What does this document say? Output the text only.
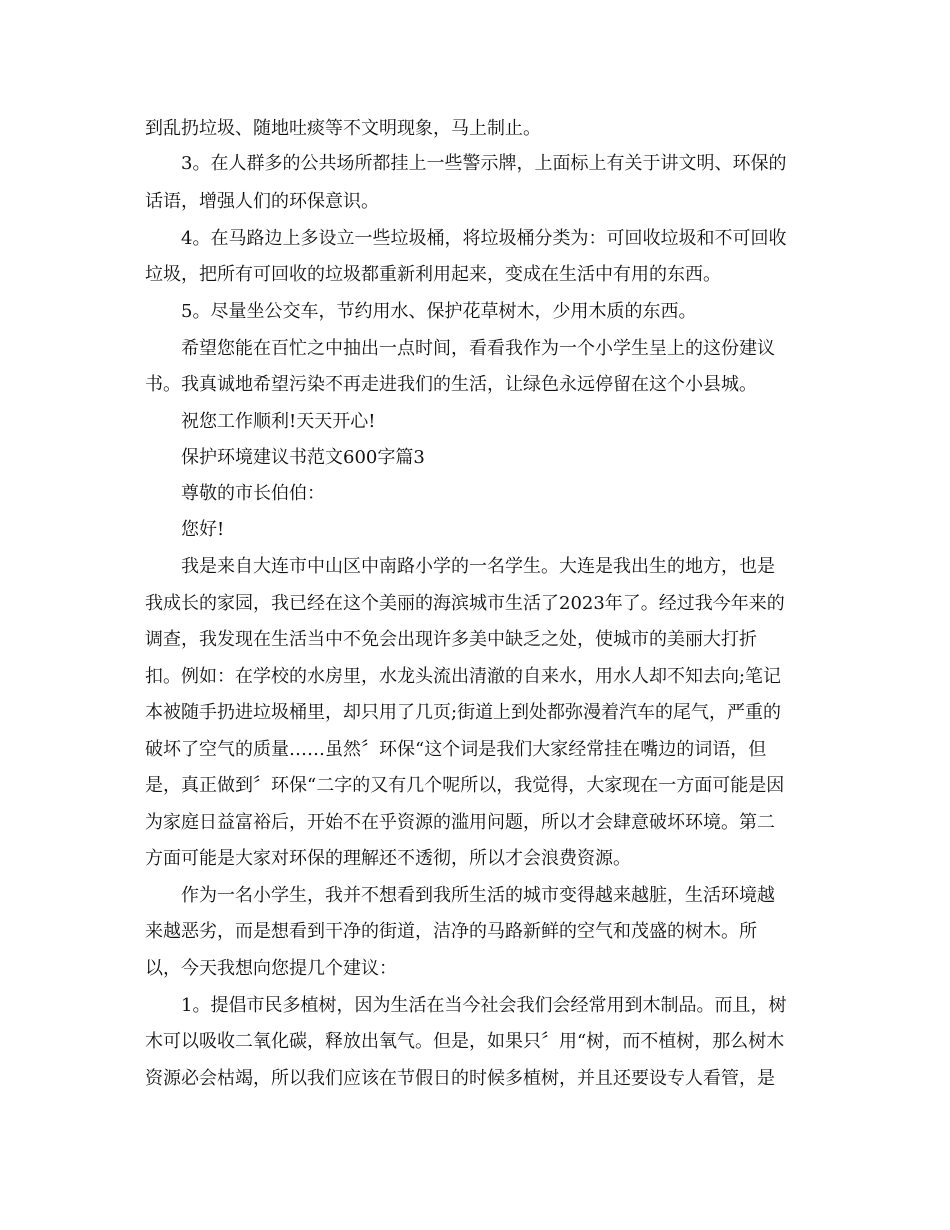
到乱扔垃圾、随地吐痰等不文明现象，马上制止。
3。在人群多的公共场所都挂上一些警示牌，上面标上有关于讲文明、环保的
话语，增强人们的环保意识。
4。在马路边上多设立一些垃圾桶，将垃圾桶分类为：可回收垃圾和不可回收
垃圾，把所有可回收的垃圾都重新利用起来，变成在生活中有用的东西。
5。尽量坐公交车，节约用水、保护花草树木，少用木质的东西。
希望您能在百忙之中抽出一点时间，看看我作为一个小学生呈上的这份建议
书。我真诚地希望污染不再走进我们的生活，让绿色永远停留在这个小县城。
祝您工作顺利!天天开心!
保护环境建议书范文600字篇3
尊敬的市长伯伯：
您好!
我是来自大连市中山区中南路小学的一名学生。大连是我出生的地方，也是
我成长的家园，我已经在这个美丽的海滨城市生活了2023年了。经过我今年来的
调查，我发现在生活当中不免会出现许多美中缺乏之处，使城市的美丽大打折
扣。例如：在学校的水房里，水龙头流出清澈的自来水，用水人却不知去向;笔记
本被随手扔进垃圾桶里，却只用了几页;街道上到处都弥漫着汽车的尾气，严重的
破坏了空气的质量……虽然〞环保“这个词是我们大家经常挂在嘴边的词语，但
是，真正做到〞环保“二字的又有几个呢所以，我觉得，大家现在一方面可能是因
为家庭日益富裕后，开始不在乎资源的滥用问题，所以才会肆意破坏环境。第二
方面可能是大家对环保的理解还不透彻，所以才会浪费资源。
作为一名小学生，我并不想看到我所生活的城市变得越来越脏，生活环境越
来越恶劣，而是想看到干净的街道，洁净的马路新鲜的空气和茂盛的树木。所
以，今天我想向您提几个建议：
1。提倡市民多植树，因为生活在当今社会我们会经常用到木制品。而且，树
木可以吸收二氧化碳，释放出氧气。但是，如果只〞用“树，而不植树，那么树木
资源必会枯竭，所以我们应该在节假日的时候多植树，并且还要设专人看管，是
